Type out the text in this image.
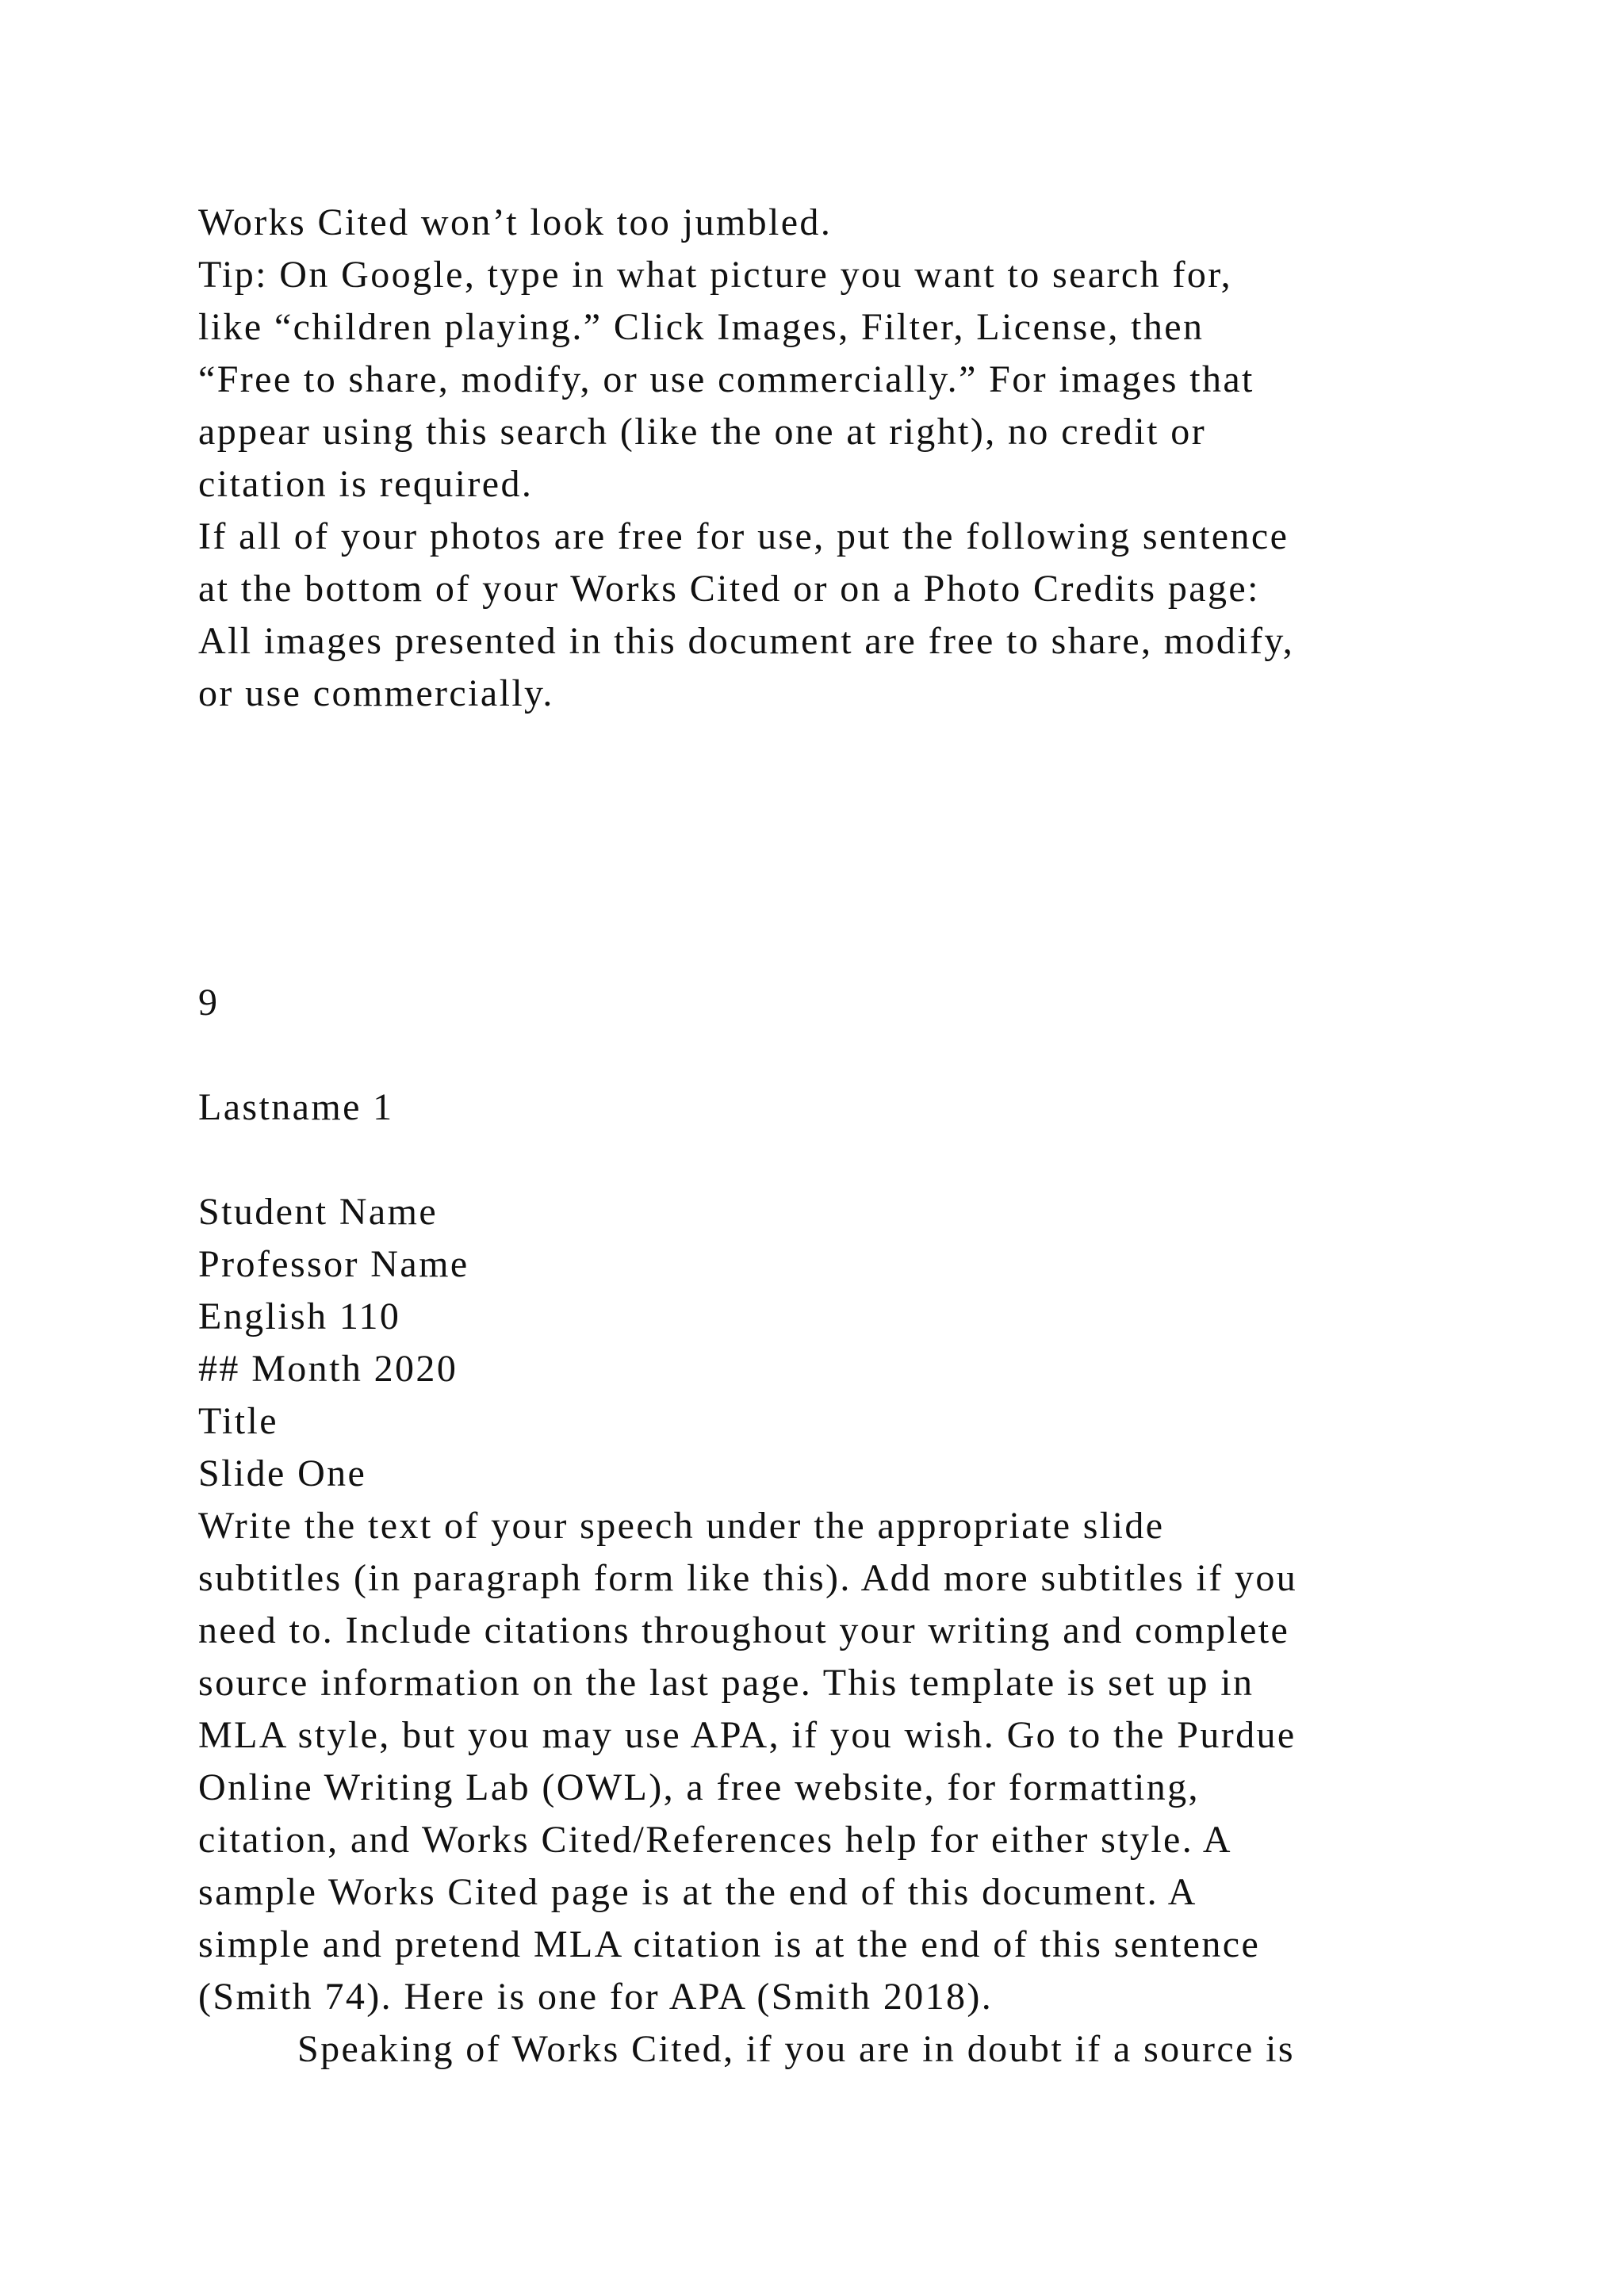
Works Cited won’t look too jumbled.
Tip: On Google, type in what picture you want to search for,
like “children playing.” Click Images, Filter, License, then
“Free to share, modify, or use commercially.” For images that
appear using this search (like the one at right), no credit or
citation is required.
If all of your photos are free for use, put the following sentence
at the bottom of your Works Cited or on a Photo Credits page:
All images presented in this document are free to share, modify,
or use commercially.
9
Lastname 1
Student Name
Professor Name
English 110
## Month 2020
Title
Slide One
Write the text of your speech under the appropriate slide
subtitles (in paragraph form like this). Add more subtitles if you
need to. Include citations throughout your writing and complete
source information on the last page. This template is set up in
MLA style, but you may use APA, if you wish. Go to the Purdue
Online Writing Lab (OWL), a free website, for formatting,
citation, and Works Cited/References help for either style. A
sample Works Cited page is at the end of this document. A
simple and pretend MLA citation is at the end of this sentence
(Smith 74). Here is one for APA (Smith 2018).
Speaking of Works Cited, if you are in doubt if a source is
